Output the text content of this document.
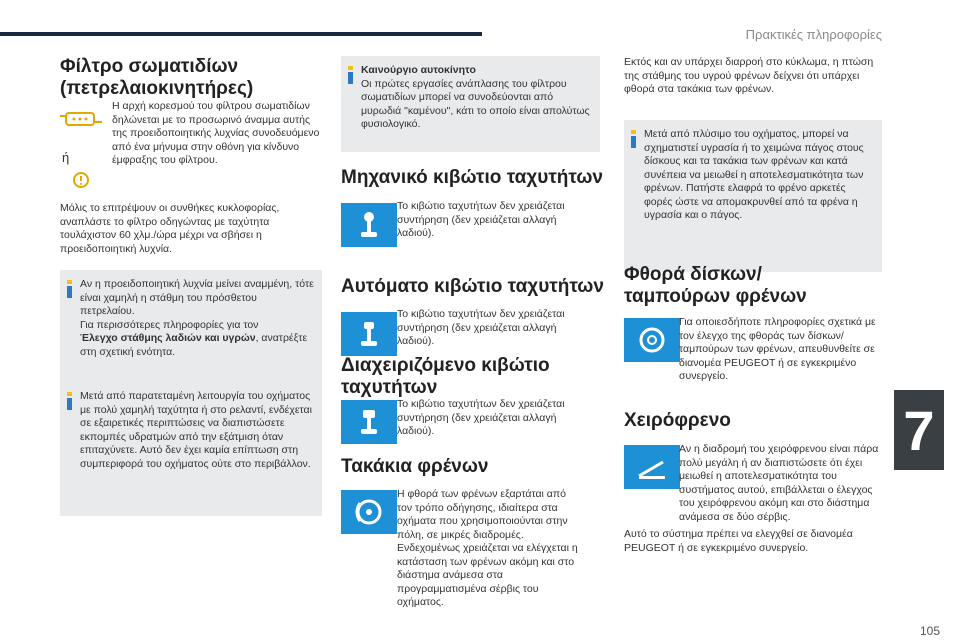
Πρακτικές πληροφορίες
Φίλτρο σωματιδίων (πετρελαιοκινητήρες)
ή

Η αρχή κορεσμού του φίλτρου σωματιδίων δηλώνεται με το προσωρινό άναμμα αυτής της προειδοποιητικής λυχνίας συνοδευόμενο από ένα μήνυμα στην οθόνη για κίνδυνο έμφραξης του φίλτρου.

Μόλις το επιτρέψουν οι συνθήκες κυκλοφορίας, αναπλάστε το φίλτρο οδηγώντας με ταχύτητα τουλάχιστον 60 χλμ./ώρα μέχρι να σβήσει η προειδοποιητική λυχνία.

Αν η προειδοποιητική λυχνία μείνει αναμμένη, τότε είναι χαμηλή η στάθμη του πρόσθετου πετρελαίου.

Για περισσότερες πληροφορίες για τον
Έλεγχο στάθμης λαδιών και υγρών, ανατρέξτε στη σχετική ενότητα.

Μετά από παρατεταμένη λειτουργία του οχήματος με πολύ χαμηλή ταχύτητα ή στο ρελαντί, ενδέχεται σε εξαιρετικές περιπτώσεις να διαπιστώσετε εκπομπές υδρατμών από την εξάτμιση όταν επιταχύνετε. Αυτό δεν έχει καμία επίπτωση στη συμπεριφορά του οχήματος ούτε στο περιβάλλον.

Καινούργιο αυτοκίνητο

Οι πρώτες εργασίες ανάπλασης του φίλτρου σωματιδίων μπορεί να συνοδεύονται από μυρωδιά "καμένου", κάτι το οποίο είναι απολύτως φυσιολογικό.

Μηχανικό κιβώτιο ταχυτήτων

Το κιβώτιο ταχυτήτων δεν χρειάζεται συντήρηση (δεν χρειάζεται αλλαγή λαδιού).

Αυτόματο κιβώτιο ταχυτήτων

Το κιβώτιο ταχυτήτων δεν χρειάζεται συντήρηση (δεν χρειάζεται αλλαγή λαδιού).

Διαχειριζόμενο κιβώτιο ταχυτήτων

Το κιβώτιο ταχυτήτων δεν χρειάζεται συντήρηση (δεν χρειάζεται αλλαγή λαδιού).

Τακάκια φρένων

Η φθορά των φρένων εξαρτάται από τον τρόπο οδήγησης, ιδιαίτερα στα οχήματα που χρησιμοποιούνται στην πόλη, σε μικρές διαδρομές. Ενδεχομένως χρειάζεται να ελέγχεται η κατάσταση των φρένων ακόμη και στο διάστημα ανάμεσα στα προγραμματισμένα σέρβις του οχήματος.

Εκτός και αν υπάρχει διαρροή στο κύκλωμα, η πτώση της στάθμης του υγρού φρένων δείχνει ότι υπάρχει φθορά στα τακάκια των φρένων.

Μετά από πλύσιμο του οχήματος, μπορεί να σχηματιστεί υγρασία ή το χειμώνα πάγος στους δίσκους και τα τακάκια των φρένων και κατά συνέπεια να μειωθεί η αποτελεσματικότητα των φρένων. Πατήστε ελαφρά το φρένο αρκετές φορές ώστε να απομακρυνθεί από τα φρένα η υγρασία και ο πάγος.

Φθορά δίσκων/ταμπούρων φρένων

Για οποιεσδήποτε πληροφορίες σχετικά με τον έλεγχο της φθοράς των δίσκων/ταμπούρων των φρένων, απευθυνθείτε σε διανομέα PEUGEOT ή σε εγκεκριμένο συνεργείο.

Χειρόφρενο

Αν η διαδρομή του χειρόφρενου είναι πάρα πολύ μεγάλη ή αν διαπιστώσετε ότι έχει μειωθεί η αποτελεσματικότητα του συστήματος αυτού, επιβάλλεται ο έλεγχος του χειρόφρενου ακόμη και στο διάστημα ανάμεσα σε δύο σέρβις.

Αυτό το σύστημα πρέπει να ελεγχθεί σε διανομέα PEUGEOT ή σε εγκεκριμένο συνεργείο.

7
105
